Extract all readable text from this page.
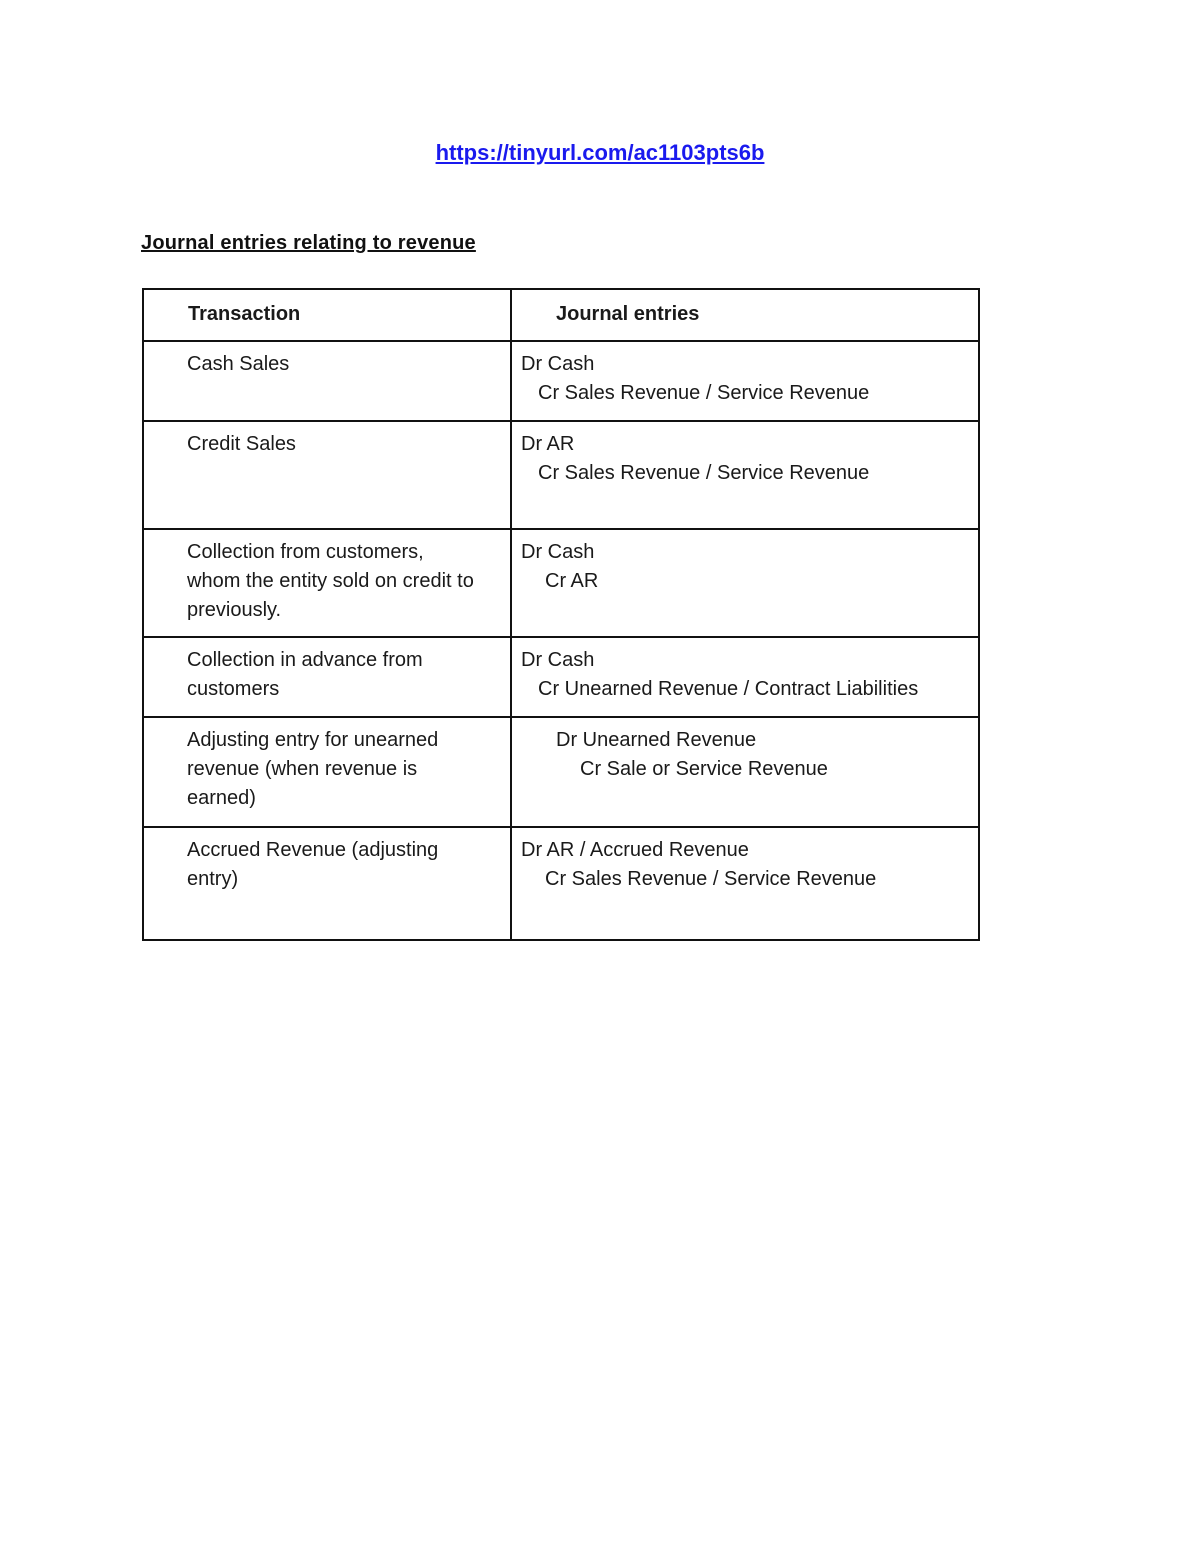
https://tinyurl.com/ac1103pts6b
Journal entries relating to revenue
Transaction	Journal entries

Cash Sales	Dr Cash
Cr Sales Revenue / Service Revenue

Credit Sales	Dr AR
Cr Sales Revenue / Service Revenue

Collection from customers,
whom the entity sold on credit to
previously.	Dr Cash
Cr AR

Collection in advance from
customers	Dr Cash
Cr Unearned Revenue / Contract Liabilities

Adjusting entry for unearned
revenue (when revenue is
earned)	Dr Unearned Revenue
Cr Sale or Service Revenue

Accrued Revenue (adjusting
entry)	Dr AR / Accrued Revenue
Cr Sales Revenue / Service Revenue
